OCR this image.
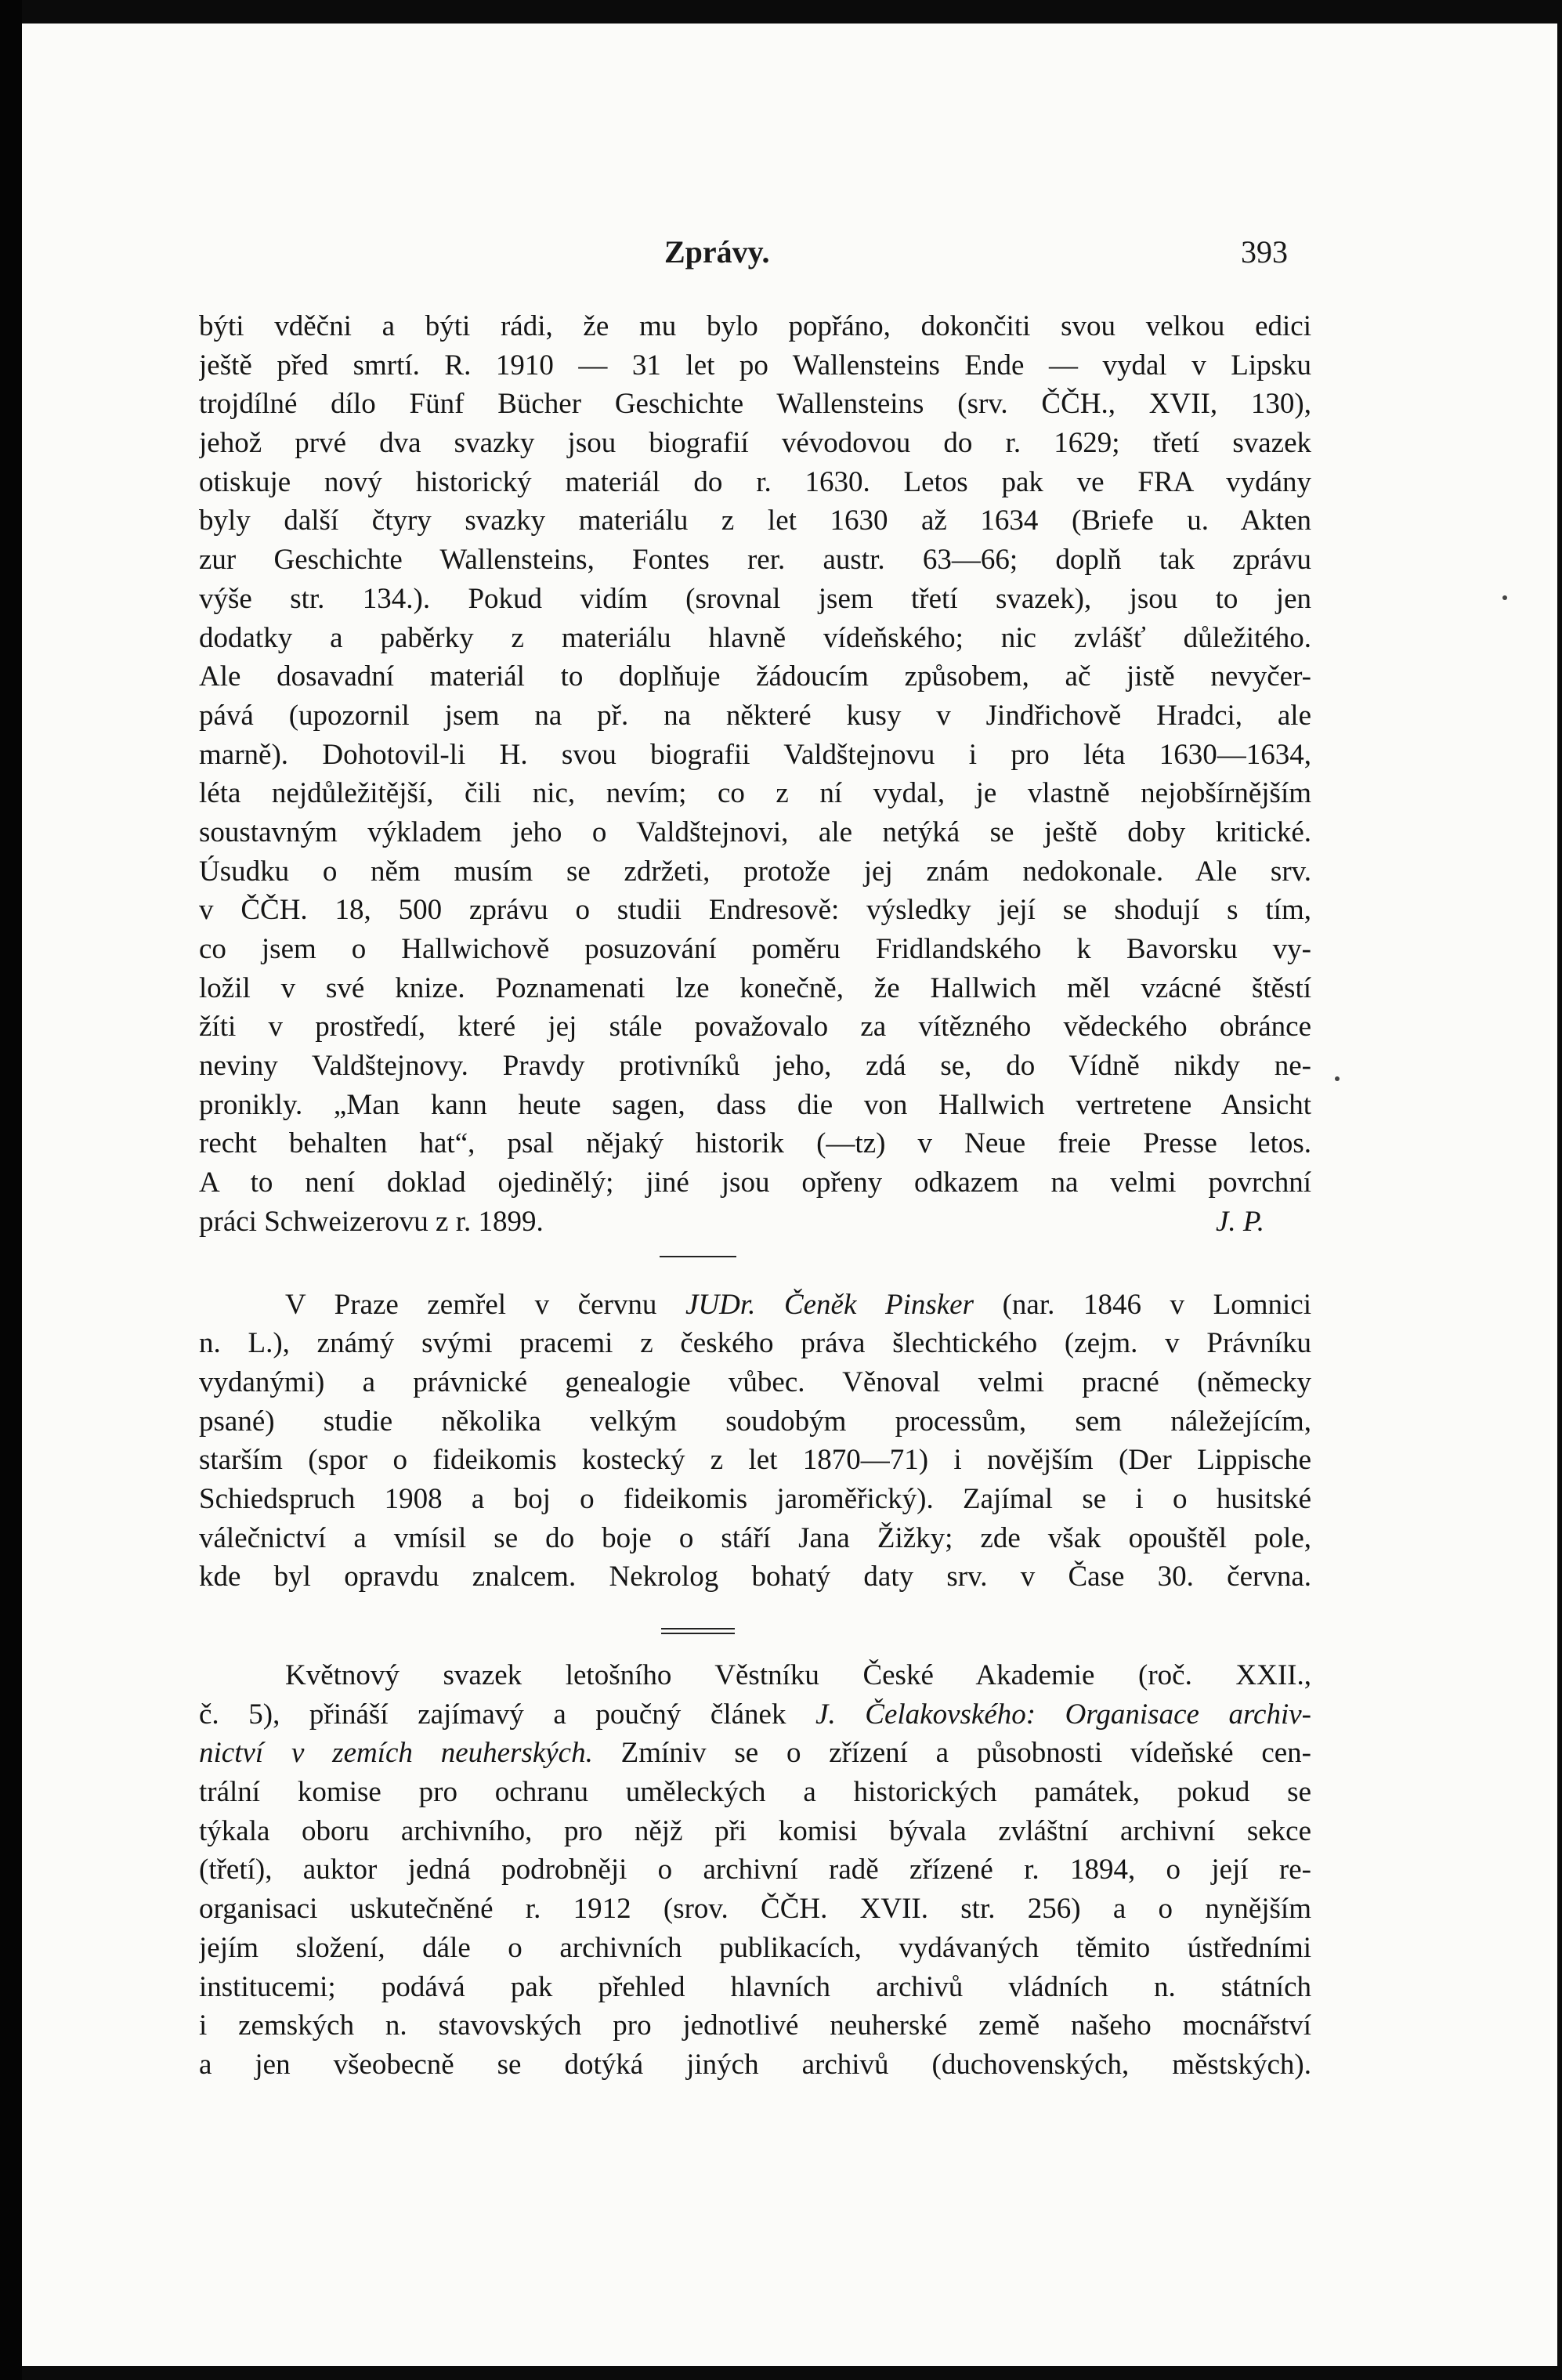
Zprávy.	393
býti vděčni a býti rádi, že mu bylo popřáno, dokončiti svou velkou edici
ještě před smrtí. R. 1910 — 31 let po Wallensteins Ende — vydal v Lipsku
trojdílné dílo Fünf Bücher Geschichte Wallensteins (srv. ČČH., XVII, 130),
jehož prvé dva svazky jsou biografií vévodovou do r. 1629; třetí svazek
otiskuje nový historický materiál do r. 1630. Letos pak ve FRA vydány
byly další čtyry svazky materiálu z let 1630 až 1634 (Briefe u. Akten
zur Geschichte Wallensteins, Fontes rer. austr. 63—66; doplň tak zprávu
výše str. 134.). Pokud vidím (srovnal jsem třetí svazek), jsou to jen
dodatky a paběrky z materiálu hlavně vídeňského; nic zvlášť důležitého.
Ale dosavadní materiál to doplňuje žádoucím způsobem, ač jistě nevyčer-
pává (upozornil jsem na př. na některé kusy v Jindřichově Hradci, ale
marně). Dohotovil-li H. svou biografii Valdštejnovu i pro léta 1630—1634,
léta nejdůležitější, čili nic, nevím; co z ní vydal, je vlastně nejobšírnějším
soustavným výkladem jeho o Valdštejnovi, ale netýká se ještě doby kritické.
Úsudku o něm musím se zdržeti, protože jej znám nedokonale. Ale srv.
v ČČH. 18, 500 zprávu o studii Endresově: výsledky její se shodují s tím,
co jsem o Hallwichově posuzování poměru Fridlandského k Bavorsku vy-
ložil v své knize. Poznamenati lze konečně, že Hallwich měl vzácné štěstí
žíti v prostředí, které jej stále považovalo za vítězného vědeckého obránce
neviny Valdštejnovy. Pravdy protivníků jeho, zdá se, do Vídně nikdy ne-
pronikly. „Man kann heute sagen, dass die von Hallwich vertretene Ansicht
recht behalten hat“, psal nějaký historik (—tz) v Neue freie Presse letos.
A to není doklad ojedinělý; jiné jsou opřeny odkazem na velmi povrchní
práci Schweizerovu z r. 1899.	J. P.
V Praze zemřel v červnu JUDr. Čeněk Pinsker (nar. 1846 v Lomnici
n. L.), známý svými pracemi z českého práva šlechtického (zejm. v Právníku
vydanými) a právnické genealogie vůbec. Věnoval velmi pracné (německy
psané) studie několika velkým soudobým processům, sem náležejícím,
starším (spor o fideikomis kostecký z let 1870—71) i novějším (Der Lippische
Schiedspruch 1908 a boj o fideikomis jaroměřický). Zajímal se i o husitské
válečnictví a vmísil se do boje o stáří Jana Žižky; zde však opouštěl pole,
kde byl opravdu znalcem. Nekrolog bohatý daty srv. v Čase 30. června.
Květnový svazek letošního Věstníku České Akademie (roč. XXII.,
č. 5), přináší zajímavý a poučný článek J. Čelakovského: Organisace archiv-
nictví v zemích neuherských. Zmíniv se o zřízení a působnosti vídeňské cen-
trální komise pro ochranu uměleckých a historických památek, pokud se
týkala oboru archivního, pro nějž při komisi bývala zvláštní archivní sekce
(třetí), auktor jedná podrobněji o archivní radě zřízené r. 1894, o její re-
organisaci uskutečněné r. 1912 (srov. ČČH. XVII. str. 256) a o nynějším
jejím složení, dále o archivních publikacích, vydávaných těmito ústředními
institucemi; podává pak přehled hlavních archivů vládních n. státních
i zemských n. stavovských pro jednotlivé neuherské země našeho mocnářství
a jen všeobecně se dotýká jiných archivů (duchovenských, městských).
